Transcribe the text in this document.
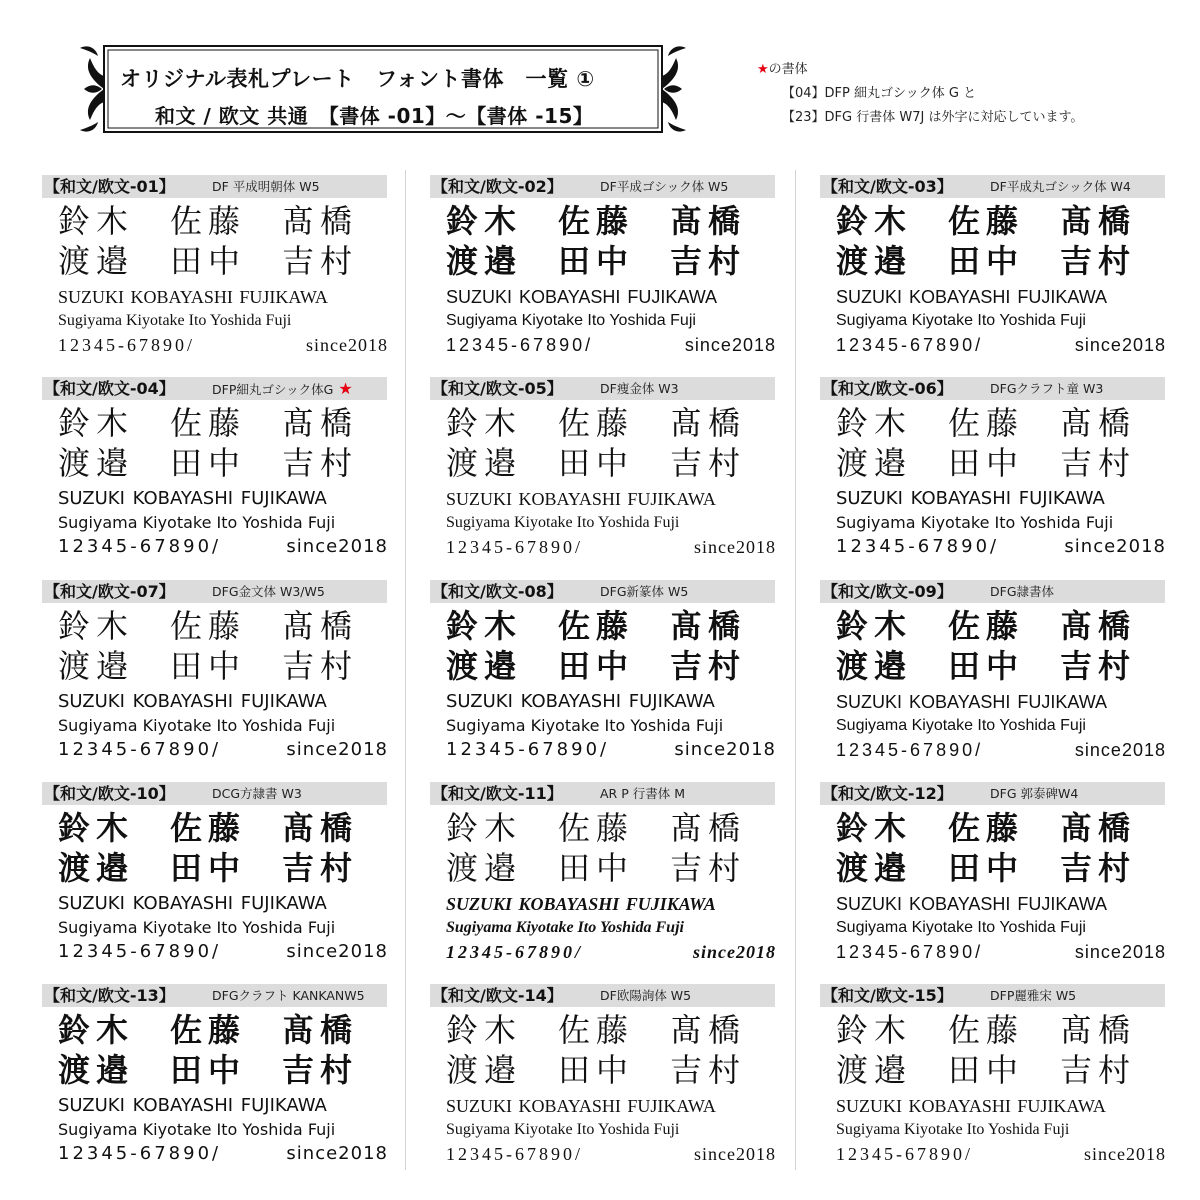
オリジナル表札プレート　フォント書体　一覧 ①
和文 / 欧文 共通　【書体 -01】～【書体 -15】
★の書体
【04】DFP 細丸ゴシック体 G と
【23】DFG 行書体 W7J は外字に対応しています。
【和文/欧文-01】	DF 平成明朝体 W5
鈴木	佐藤	髙橋
渡邉	田中	吉村
SUZUKI KOBAYASHI FUJIKAWA
Sugiyama Kiyotake Ito Yoshida Fuji
12345-67890/	since2018
【和文/欧文-02】	DF平成ゴシック体 W5
鈴木	佐藤	髙橋
渡邉	田中	吉村
SUZUKI KOBAYASHI FUJIKAWA
Sugiyama Kiyotake Ito Yoshida Fuji
12345-67890/	since2018
【和文/欧文-03】	DF平成丸ゴシック体 W4
鈴木	佐藤	髙橋
渡邉	田中	吉村
SUZUKI KOBAYASHI FUJIKAWA
Sugiyama Kiyotake Ito Yoshida Fuji
12345-67890/	since2018
【和文/欧文-04】	DFP細丸ゴシック体G ★
鈴木	佐藤	髙橋
渡邉	田中	吉村
SUZUKI KOBAYASHI FUJIKAWA
Sugiyama Kiyotake Ito Yoshida Fuji
12345-67890/	since2018
【和文/欧文-05】	DF痩金体 W3
鈴木	佐藤	髙橋
渡邉	田中	吉村
SUZUKI KOBAYASHI FUJIKAWA
Sugiyama Kiyotake Ito Yoshida Fuji
12345-67890/	since2018
【和文/欧文-06】	DFGクラフト童 W3
鈴木	佐藤	髙橋
渡邉	田中	吉村
SUZUKI KOBAYASHI FUJIKAWA
Sugiyama Kiyotake Ito Yoshida Fuji
12345-67890/	since2018
【和文/欧文-07】	DFG金文体 W3/W5
鈴木	佐藤	髙橋
渡邉	田中	吉村
SUZUKI KOBAYASHI FUJIKAWA
Sugiyama Kiyotake Ito Yoshida Fuji
12345-67890/	since2018
【和文/欧文-08】	DFG新篆体 W5
鈴木	佐藤	髙橋
渡邉	田中	吉村
SUZUKI KOBAYASHI FUJIKAWA
Sugiyama Kiyotake Ito Yoshida Fuji
12345-67890/	since2018
【和文/欧文-09】	DFG隷書体
鈴木	佐藤	髙橋
渡邉	田中	吉村
SUZUKI KOBAYASHI FUJIKAWA
Sugiyama Kiyotake Ito Yoshida Fuji
12345-67890/	since2018
【和文/欧文-10】	DCG方隷書 W3
鈴木	佐藤	髙橋
渡邉	田中	吉村
SUZUKI KOBAYASHI FUJIKAWA
Sugiyama Kiyotake Ito Yoshida Fuji
12345-67890/	since2018
【和文/欧文-11】	AR P 行書体 M
鈴木	佐藤	髙橋
渡邉	田中	吉村
SUZUKI KOBAYASHI FUJIKAWA
Sugiyama Kiyotake Ito Yoshida Fuji
12345-67890/	since2018
【和文/欧文-12】	DFG 郭泰碑W4
鈴木	佐藤	髙橋
渡邉	田中	吉村
SUZUKI KOBAYASHI FUJIKAWA
Sugiyama Kiyotake Ito Yoshida Fuji
12345-67890/	since2018
【和文/欧文-13】	DFGクラフト KANKANW5
鈴木	佐藤	髙橋
渡邉	田中	吉村
SUZUKI KOBAYASHI FUJIKAWA
Sugiyama Kiyotake Ito Yoshida Fuji
12345-67890/	since2018
【和文/欧文-14】	DF欧陽詢体 W5
鈴木	佐藤	髙橋
渡邉	田中	吉村
SUZUKI KOBAYASHI FUJIKAWA
Sugiyama Kiyotake Ito Yoshida Fuji
12345-67890/	since2018
【和文/欧文-15】	DFP麗雅宋 W5
鈴木	佐藤	髙橋
渡邉	田中	吉村
SUZUKI KOBAYASHI FUJIKAWA
Sugiyama Kiyotake Ito Yoshida Fuji
12345-67890/	since2018
